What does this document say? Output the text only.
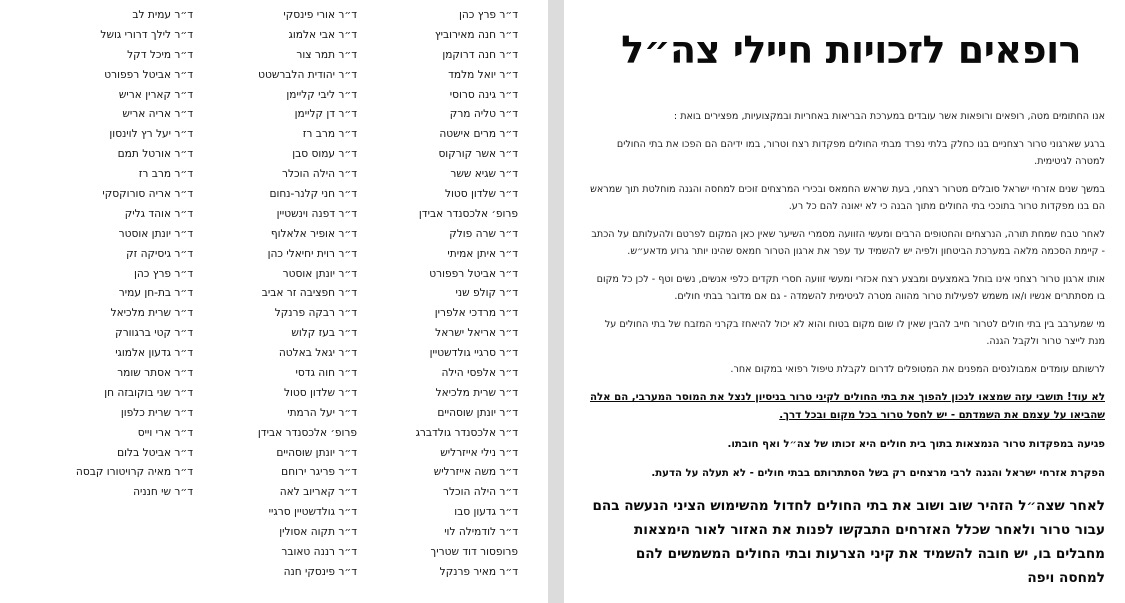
ד״ר פרץ כהן
ד״ר חנה מאירוביץ
ד״ר חנה דרוקמן
ד״ר יואל מלמד
ד״ר גינה סרוסי
ד״ר טליה מרק
ד״ר מרים אישטה
ד״ר אשר קורקוס
ד״ר שגיא ששר
ד״ר שלדון סטול
פרופ׳ אלכסנדר אבידן
ד״ר שרה פולק
ד״ר איתן אמיתי
ד״ר אביטל רפפורט
ד״ר קולפ שני
ד״ר מרדכי אלפרין
ד״ר אריאל ישראל
ד״ר סרגיי גולדשטיין
ד״ר אלפסי הילה
ד״ר שרית מלכיאל
ד״ר יונתן שוסהיים
ד״ר אלכסנדר גולדברג
ד״ר נילי אייזרליש
ד״ר משה אייזרליש
ד״ר הילה הוכלר
ד״ר גדעון סבו
ד״ר לודמילה לוי
פרופסור דוד שטריך
ד״ר מאיר פרנקל
ד״ר אורי פינסקי
ד״ר אבי אלמוג
ד״ר תמר צור
ד״ר יהודית הלברשטט
ד״ר ליבי קליימן
ד״ר דן קליימן
ד״ר מרב רז
ד״ר עמוס סבן
ד״ר הילה הוכלר
ד״ר חני קלנר-נחום
ד״ר דפנה וינשטיין
ד״ר אופיר אלאלוף
ד״ר רוית יחיאלי כהן
ד״ר יונתן אוסטר
ד״ר חפציבה זר אביב
ד״ר רבקה פרנקל
ד״ר בעז קלוש
ד״ר יגאל באלטה
ד״ר חוה גדסי
ד״ר שלדון סטול
ד״ר יעל הרמתי
פרופ׳ אלכסנדר אבידן
ד״ר יונתן שוסהיים
ד״ר פריגר ירוחם
ד״ר קאריוב לאה
ד״ר גולדשטיין סרגיי
ד״ר תקוה אסולין
ד״ר רננה טאובר
ד״ר פינסקי חנה
ד״ר עמית לב
ד״ר לילך דרורי גושל
ד״ר מיכל דקל
ד״ר אביטל רפפורט
ד״ר קארין אריש
ד״ר אריה אריש
ד״ר יעל רץ לוינסון
ד״ר אורטל תמם
ד״ר מרב רז
ד״ר אריה סורוקסקי
ד״ר אוהד גליק
ד״ר יונתן אוסטר
ד״ר גיסיקה זק
ד״ר פרץ כהן
ד״ר בת-חן עמיר
ד״ר שרית מלכיאל
ד״ר קטי ברגוורק
ד״ר גדעון אלמוגי
ד״ר אסתר שומר
ד״ר שני בוקובזה חן
ד״ר שרית כלפון
ד״ר ארי וייס
ד״ר אביטל בלום
ד״ר מאיה קרויטורו קבסה
ד״ר שי חנניה
רופאים לזכויות חיילי צה״ל

אנו החתומים מטה, רופאים ורופאות אשר עובדים במערכת הבריאות באחריות ובמקצועיות, מפצירים בואת :

ברגע שארגוני טרור רצחניים בנו כחלק בלתי נפרד מבתי החולים מפקדות רצח וטרור, במו ידיהם הם הפכו את בתי החולים למטרה לגיטימית.

במשך שנים אזרחי ישראל סובלים מטרור רצחני, בעת שראש החמאס ובכירי המרצחים זוכים למחסה והגנה מוחלטת תוך שמראש הם בנו מפקדות טרור בתוככי בתי החולים מתוך הבנה כי לא יאונה להם כל רע.

לאחר טבח שמחת תורה, הנרצחים והחטופים הרבים ומעשי הזוועה מסמרי השיער שאין כאן המקום לפרטם ולהעלותם על הכתב - קיימת הסכמה מלאה במערכת הביטחון ולפיה יש להשמיד עד עפר את ארגון הטרור חמאס שהינו יותר גרוע מדאע״ש.

אותו ארגון טרור רצחני אינו בוחל באמצעים ומבצע רצח אכזרי ומעשי זוועה חסרי תקדים כלפי אנשים, נשים וטף - לכן כל מקום בו מסתתרים אנשיו ו/או משמש לפעילות טרור מהווה מטרה לגיטימית להשמדה - גם אם מדובר בבתי חולים.

מי שמערבב בין בתי חולים לטרור חייב להבין שאין לו שום מקום בטוח והוא לא יכול להיאחז בקרני המזבח של בתי החולים על מנת לייצר טרור ולקבל הגנה.

לרשותם עומדים אמבולנסים המפנים את המטופלים לדרום לקבלת טיפול רפואי במקום אחר.

לא עוד! תושבי עזה שמצאו לנכון להפוך את בתי החולים לקיני טרור בניסיון לנצל את המוסר המערבי, הם אלה שהביאו על עצמם את השמדתם - יש לחסל טרור בכל מקום ובכל דרך.

פגיעה במפקדות טרור הנמצאות בתוך בית חולים היא זכותו של צה״ל ואף חובתו.

הפקרת אזרחי ישראל והגנה לרבי מרצחים רק בשל הסתתרותם בבתי חולים - לא תעלה על הדעת.

לאחר שצה״ל הזהיר שוב ושוב את בתי החולים לחדול מהשימוש הציני הנעשה בהם עבור טרור ולאחר שכלל האזרחים התבקשו לפנות את האזור לאור הימצאות מחבלים בו, יש חובה להשמיד את קיני הצרעות ובתי החולים המשמשים להם למחסה ויפה
